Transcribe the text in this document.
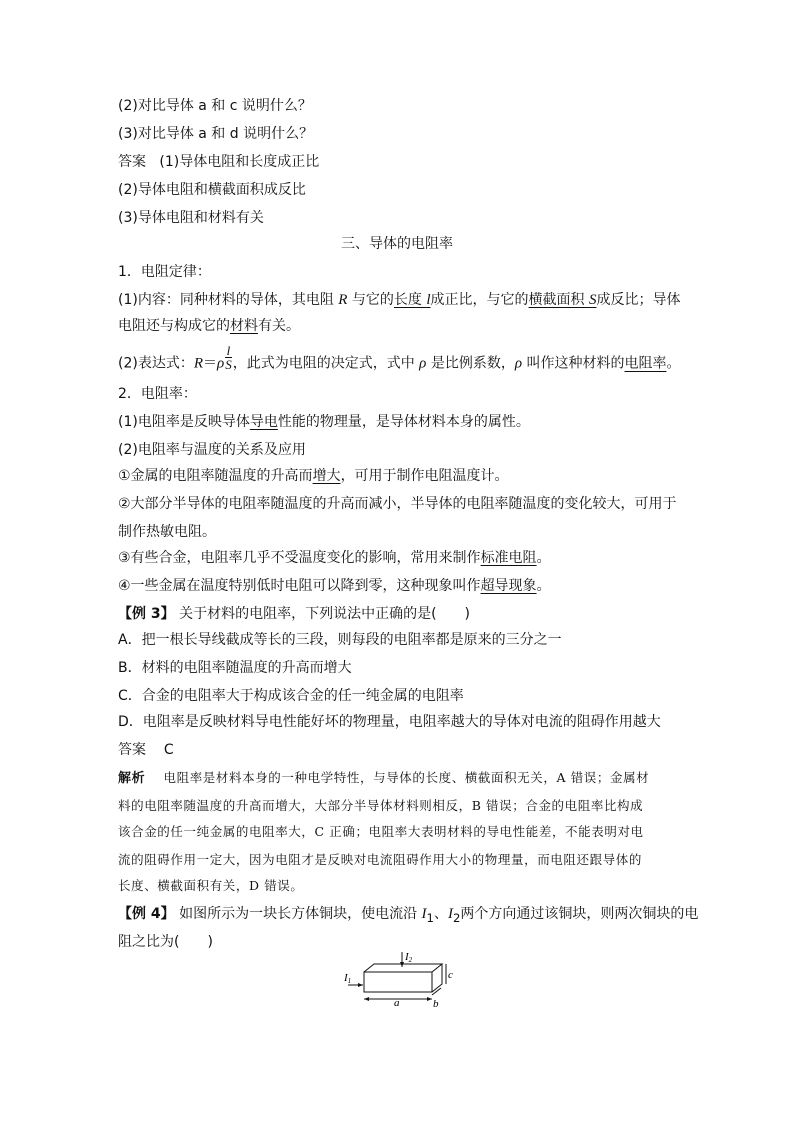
(2)对比导体 a 和 c 说明什么？
(3)对比导体 a 和 d 说明什么？
答案 (1)导体电阻和长度成正比
(2)导体电阻和横截面积成反比
(3)导体电阻和材料有关
三、导体的电阻率
1．电阻定律：
(1)内容：同种材料的导体，其电阻 R 与它的长度 l成正比，与它的横截面积 S成反比；导体
电阻还与构成它的材料有关。
(2)表达式：$R=\rho \frac{l}{S}$ ，此式为电阻的决定式，式中 ρ 是比例系数，ρ 叫作这种材料的电阻率。
2．电阻率：
(1)电阻率是反映导体导电性能的物理量，是导体材料本身的属性。
(2)电阻率与温度的关系及应用
①金属的电阻率随温度的升高而增大，可用于制作电阻温度计。
②大部分半导体的电阻率随温度的升高而减小，半导体的电阻率随温度的变化较大，可用于
制作热敏电阻。
③有些合金，电阻率几乎不受温度变化的影响，常用来制作标准电阻。
④一些金属在温度特别低时电阻可以降到零，这种现象叫作超导现象。
【例 3】 关于材料的电阻率，下列说法中正确的是(　　)
A．把一根长导线截成等长的三段，则每段的电阻率都是原来的三分之一
B．材料的电阻率随温度的升高而增大
C．合金的电阻率大于构成该合金的任一纯金属的电阻率
D．电阻率是反映材料导电性能好坏的物理量，电阻率越大的导体对电流的阻碍作用越大
答案 C
解析 电阻率是材料本身的一种电学特性，与导体的长度、横截面积无关，A 错误；金属材
料的电阻率随温度的升高而增大，大部分半导体材料则相反，B 错误；合金的电阻率比构成
该合金的任一纯金属的电阻率大，C 正确；电阻率大表明材料的导电性能差，不能表明对电
流的阻碍作用一定大，因为电阻才是反映对电流阻碍作用大小的物理量，而电阻还跟导体的
长度、横截面积有关，D 错误。
【例 4】 如图所示为一块长方体铜块，使电流沿 $I_1$、$I_2$两个方向通过该铜块，则两次铜块的电
阻之比为(　　)
I1
I2
a	b
c
